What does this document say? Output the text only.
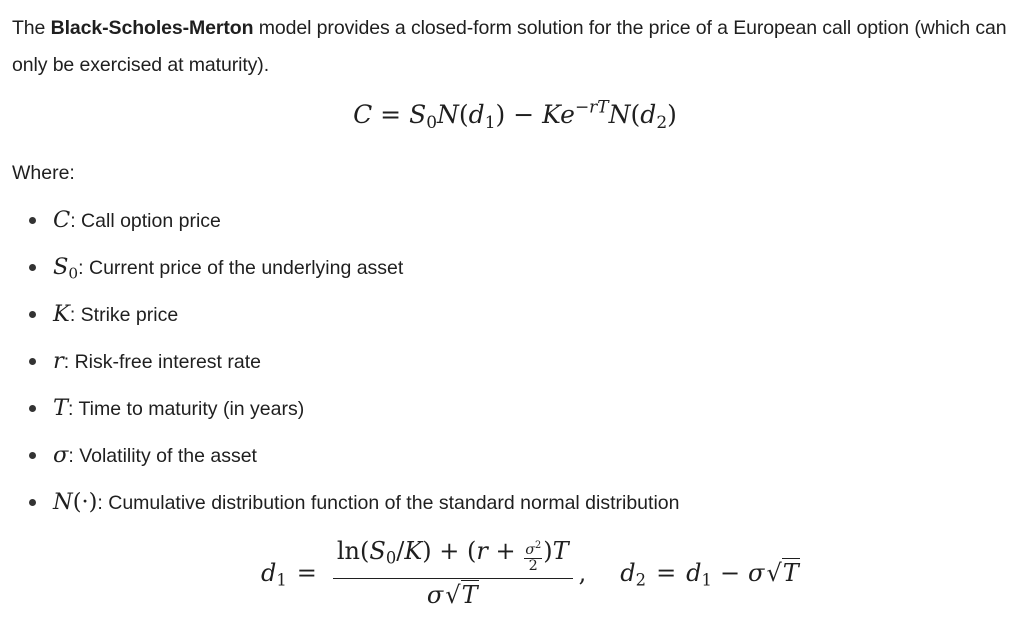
The Black-Scholes-Merton model provides a closed-form solution for the price of a European call option (which can only be exercised at maturity).

$C = S_0N(d_1) - Ke^{-rT}N(d_2)$
Where:
C: Call option price
$S_0$: Current price of the underlying asset
K: Strike price
r: Risk-free interest rate
T: Time to maturity (in years)
σ: Volatility of the asset
N(·): Cumulative distribution function of the standard normal distribution
$d_1 = \frac{\ln(S_0/K) + (r + \frac{\sigma^2}{2} )T}{\sigma√T}$ , $d_2 = d_1 - \sigma√T$
